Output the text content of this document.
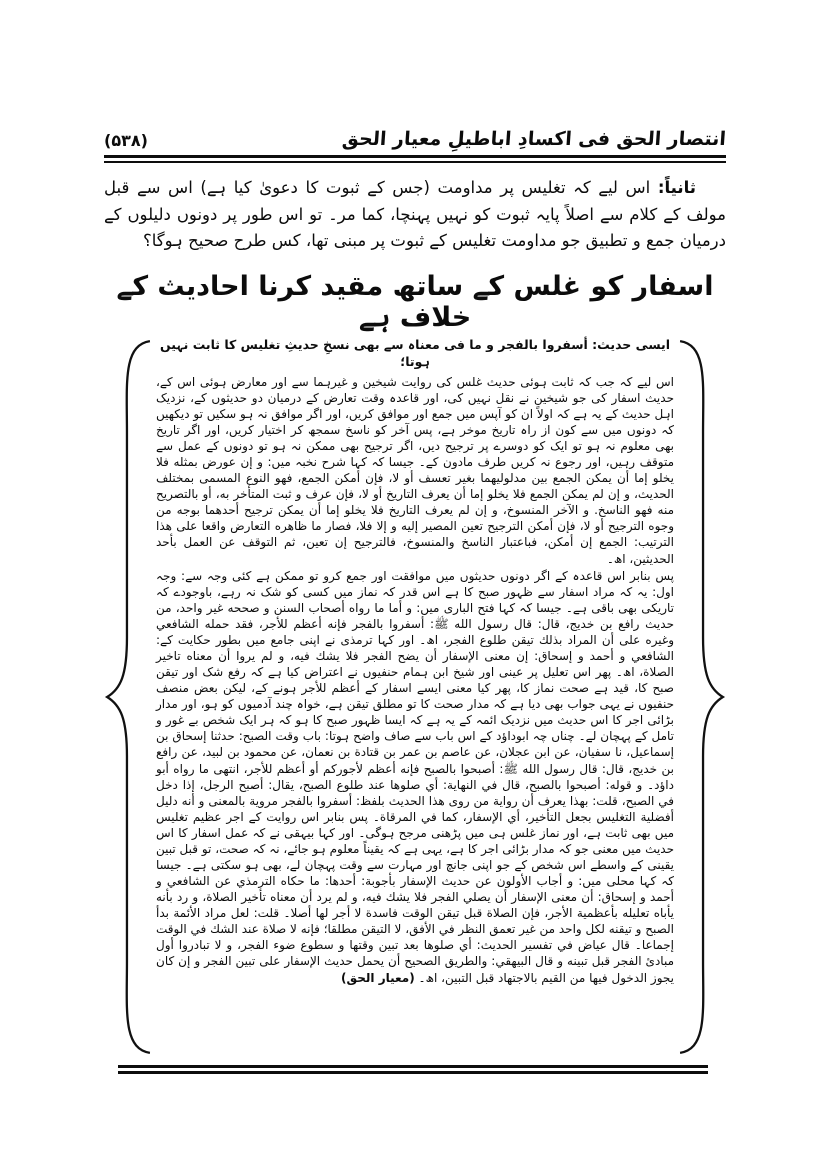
انتصار الحق فی اکسادِ اباطیلِ معیار الحق
(۵۳۸)

ثانیاً: اس لیے کہ تغلیس پر مداومت (جس کے ثبوت کا دعویٰ کیا ہے) اس سے قبل مولف کے کلام سے اصلاً پایہ ثبوت کو نہیں پہنچا، کما مر۔ تو اس طور پر دونوں دلیلوں کے درمیان جمع و تطبیق جو مداومت تغلیس کے ثبوت پر مبنی تھا، کس طرح صحیح ہوگا؟

اسفار کو غلس کے ساتھ مقید کرنا احادیث کے خلاف ہے

ایسی حدیث: أسفروا بالفجر و ما فی معناہ سے بھی نسخِ حدیثِ تغلیس کا ثابت نہیں ہوتا؛

اس لیے کہ جب کہ ثابت ہوئی حدیث غلس کی روایت شیخین و غیرہما سے اور معارض ہوئی اس کے، حدیث اسفار کی جو شیخین نے نقل نہیں کی، اور قاعدہ وقت تعارض کے درمیان دو حدیثوں کے، نزدیک اہل حدیث کے یہ ہے کہ اولاً ان کو آپس میں جمع اور موافق کریں، اور اگر موافق نہ ہو سکیں تو دیکھیں کہ دونوں میں سے کون از راہ تاریخ موخر ہے، پس آخر کو ناسخ سمجھ کر اختیار کریں، اور اگر تاریخ بھی معلوم نہ ہو تو ایک کو دوسرے پر ترجیح دیں، اگر ترجیح بھی ممکن نہ ہو تو دونوں کے عمل سے متوقف رہیں، اور رجوع نہ کریں طرف مادون کے۔ جیسا کہ کہا شرح نخبہ میں: و إن عورض بمثله فلا يخلو إما أن يمكن الجمع بين مدلوليهما بغير تعسف أو لا، فإن أمكن الجمع، فهو النوع المسمى بمختلف الحديث، و إن لم يمكن الجمع فلا يخلو إما أن يعرف التاريخ أو لا، فإن عرف و ثبت المتأخر به، أو بالتصريح منه فهو الناسخ. و الآخر المنسوخ، و إن لم يعرف التاريخ فلا يخلو إما أن يمكن ترجيح أحدهما بوجه من وجوه الترجيح أو لا، فإن أمكن الترجيح تعين المصير إليه و إلا فلا، فصار ما ظاهره التعارض واقعا على هذا الترتيب: الجمع إن أمكن، فباعتبار الناسخ والمنسوخ، فالترجيح إن تعين، ثم التوقف عن العمل بأحد الحديثين، اھ۔

پس بنابر اس قاعدہ کے اگر دونوں حدیثوں میں موافقت اور جمع کرو تو ممکن ہے کئی وجہ سے: وجہ اول: یہ کہ مراد اسفار سے ظہور صبح کا ہے اس قدر کہ نماز میں کسی کو شک نہ رہے، باوجودے کہ تاریکی بھی باقی ہے۔ جیسا کہ کہا فتح الباری میں: و أما ما رواه أصحاب السنن و صححه غير واحد، من حديث رافع بن خديج، قال: قال رسول الله ﷺ: أسفروا بالفجر فإنه أعظم للأجر، فقد حمله الشافعي وغيره على أن المراد بذلك تيقن طلوع الفجر، اھ۔ اور کہا ترمذی نے اپنی جامع میں بطور حکایت کے: الشافعي و أحمد و إسحاق: إن معنى الإسفار أن يضح الفجر فلا يشك فيه، و لم يروا أن معناه تاخير الصلاة، اھ۔ پھر اس تعلیل پر عینی اور شیخ ابن ہمام حنفیوں نے اعتراض کیا ہے کہ رفع شک اور تیقن صبح کا، قید ہے صحت نماز کا، پھر کیا معنی ایسے اسفار کے أعظم للأجر ہونے کے، لیکن بعض منصف حنفیوں نے یہی جواب بھی دیا ہے کہ مدار صحت کا تو مطلق تیقن ہے، خواہ چند آدمیوں کو ہو، اور مدار بڑائی اجر کا اس حدیث میں نزدیک ائمہ کے یہ ہے کہ ایسا ظہور صبح کا ہو کہ ہر ایک شخص بے غور و تامل کے پہچان لے۔ چناں چہ ابوداؤد کے اس باب سے صاف واضح ہوتا: باب وقت الصبح: حدثنا إسحاق بن إسماعيل، نا سفيان، عن ابن عجلان، عن عاصم بن عمر بن قتادة بن نعمان، عن محمود بن لبيد، عن رافع بن خديج، قال: قال رسول الله ﷺ: أصبحوا بالصبح فإنه أعظم لأجوركم أو أعظم للأجر، انتهى ما رواه أبو داؤد۔ و قوله: أصبحوا بالصبح، قال في النهاية: أي صلوها عند طلوع الصبح، يقال: أصبح الرجل، إذا دخل في الصبح، قلت: بهذا يعرف أن رواية من روى هذا الحديث بلفظ: أسفروا بالفجر مروية بالمعنى و أنه دليل أفضلية التغليس بجعل التأخير، أي الإسفار، كما في المرقاة۔ پس بنابر اس روایت کے اجر عظیم تغلیس میں بھی ثابت ہے، اور نماز غلس ہی میں پڑھنی مرجح ہوگی۔ اور کہا بیہقی نے کہ عمل اسفار کا اس حدیث میں معنی جو کہ مدار بڑائی اجر کا ہے، یہی ہے کہ یقیناً معلوم ہو جائے، نہ کہ صحت، تو قبل تبین یقینی کے واسطے اس شخص کے جو اپنی جانچ اور مہارت سے وقت پہچان لے، بھی ہو سکتی ہے۔ جیسا کہ کہا محلی میں: و أجاب الأولون عن حديث الإسفار بأجوبة: أحدها: ما حكاه الترمذي عن الشافعي و أحمد و إسحاق: أن معنى الإسفار أن يصلي الفجر فلا يشك فيه، و لم يرد أن معناه تأخير الصلاة، و رد بأنه يأباه تعليله بأعظمية الأجر، فإن الصلاة قبل تيقن الوقت فاسدة لا أجر لها أصلا۔ قلت: لعل مراد الأئمة بدأ الصبح و تيقنه لكل واحد من غير تعمق النظر في الأفق، لا التيقن مطلقا؛ فإنه لا صلاة عند الشك في الوقت إجماعا۔ قال عياض في تفسير الحديث: أي صلوها بعد تبين وقتها و سطوع ضوء الفجر، و لا تبادروا أول مبادئ الفجر قبل تبينه و قال البيهقي: والطريق الصحيح أن يحمل حديث الإسفار على تبين الفجر و إن كان يجوز الدخول فيها من القيم بالاجتهاد قبل التبين، اھ۔ (معیار الحق)
